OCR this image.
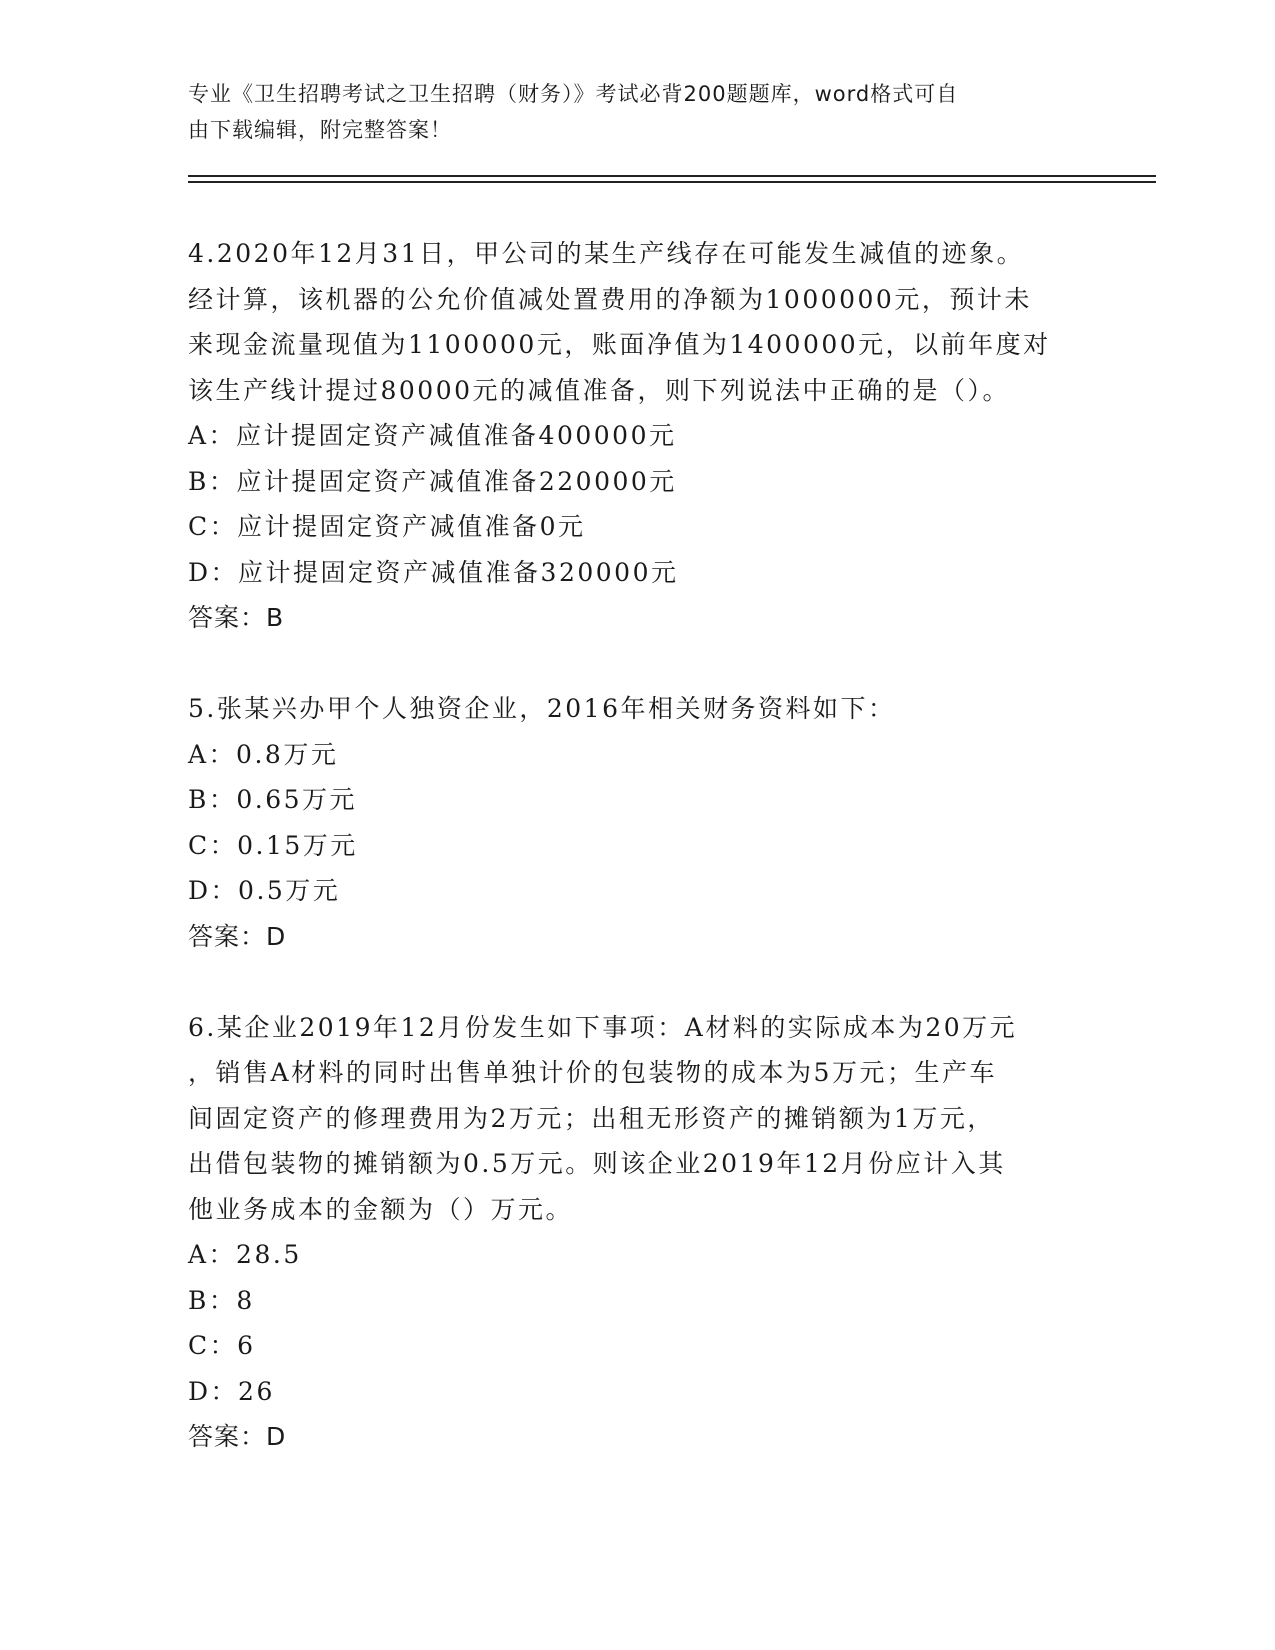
专业《卫生招聘考试之卫生招聘（财务）》考试必背200题题库，word格式可自
由下载编辑，附完整答案！
4.2020年12月31日，甲公司的某生产线存在可能发生减值的迹象。
经计算，该机器的公允价值减处置费用的净额为1000000元，预计未
来现金流量现值为1100000元，账面净值为1400000元，以前年度对
该生产线计提过80000元的减值准备，则下列说法中正确的是（）。
A：应计提固定资产减值准备400000元
B：应计提固定资产减值准备220000元
C：应计提固定资产减值准备0元
D：应计提固定资产减值准备320000元
答案：B
5.张某兴办甲个人独资企业，2016年相关财务资料如下：
A：0.8万元
B：0.65万元
C：0.15万元
D：0.5万元
答案：D
6.某企业2019年12月份发生如下事项：A材料的实际成本为20万元
，销售A材料的同时出售单独计价的包装物的成本为5万元；生产车
间固定资产的修理费用为2万元；出租无形资产的摊销额为1万元，
出借包装物的摊销额为0.5万元。则该企业2019年12月份应计入其
他业务成本的金额为（）万元。
A：28.5
B：8
C：6
D：26
答案：D
